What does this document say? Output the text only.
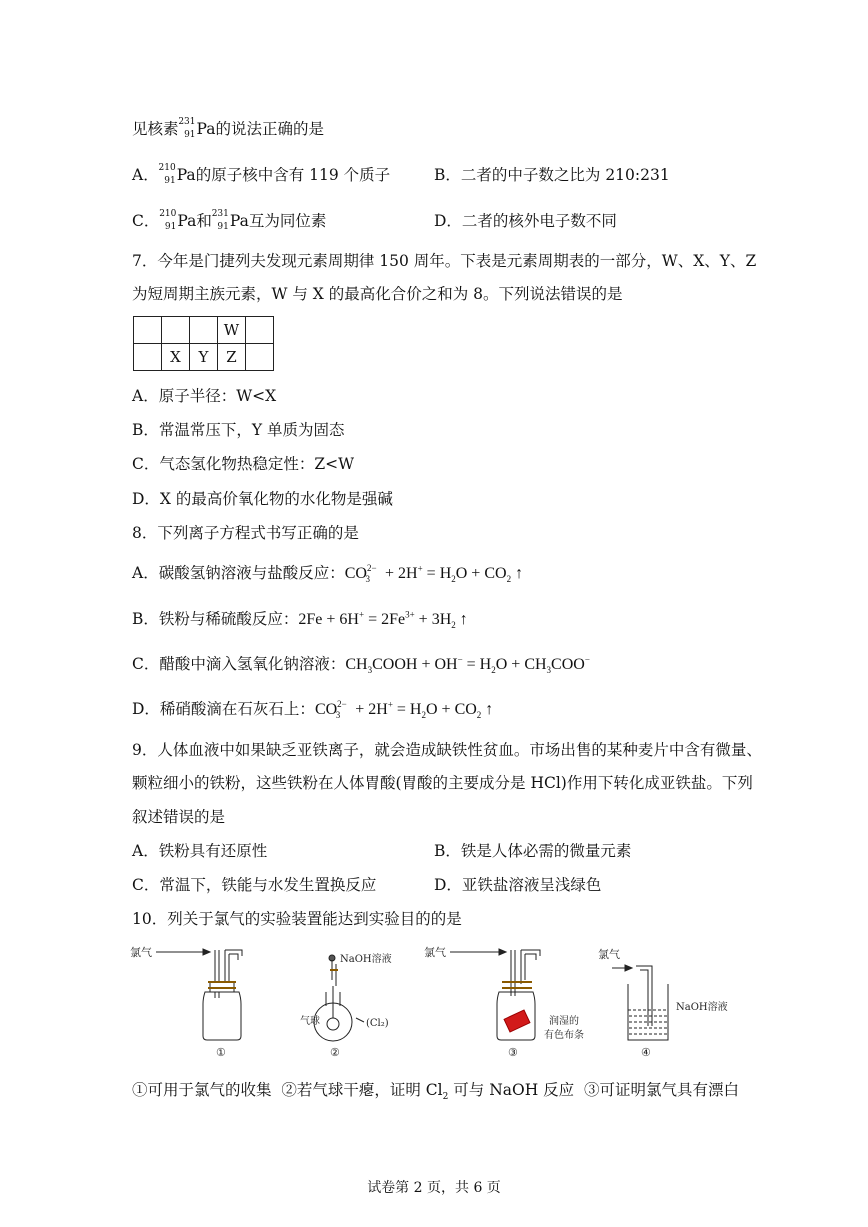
见核素 231
91 Pa的说法正确的是
A． 210
91 Pa的原子核中含有 119 个质子	B．二者的中子数之比为 210:231
C． 210
91 Pa和 231
91 Pa互为同位素	D．二者的核外电子数不同
7．今年是门捷列夫发现元素周期律 150 周年。下表是元素周期表的一部分，W、X、Y、Z
为短周期主族元素，W 与 X 的最高化合价之和为 8。下列说法错误的是
			W	
	X	Y	Z	
A．原子半径：W<X
B．常温常压下，Y 单质为固态
C．气态氢化物热稳定性：Z<W
D．X 的最高价氧化物的水化物是强碱
8．下列离子方程式书写正确的是
A．碳酸氢钠溶液与盐酸反应：$CO2-3 + 2H^+ = H_2O + CO_2$ ↑
B．铁粉与稀硫酸反应：$2Fe + 6H^+ = 2Fe^{3+} + 3H_2$ ↑
C．醋酸中滴入氢氧化钠溶液：$CH_3COOH + OH^- = H_2O + CH_3COO^-$
D．稀硝酸滴在石灰石上：$CO2-3 + 2H^+ = H_2O + CO_2$ ↑
9．人体血液中如果缺乏亚铁离子，就会造成缺铁性贫血。市场出售的某种麦片中含有微量、
颗粒细小的铁粉，这些铁粉在人体胃酸(胃酸的主要成分是 HCl)作用下转化成亚铁盐。下列
叙述错误的是
A．铁粉具有还原性	B．铁是人体必需的微量元素
C．常温下，铁能与水发生置换反应	D．亚铁盐溶液呈浅绿色
10．列关于氯气的实验装置能达到实验目的的是
氯气
①
NaOH溶液
气球	(Cl₂)
②
氯气
润湿的
有色布条
③
氯气
NaOH溶液
④
①可用于氯气的收集 ②若气球干瘪，证明 $Cl_2$ 可与 NaOH 反应 ③可证明氯气具有漂白
试卷第 2 页，共 6 页
